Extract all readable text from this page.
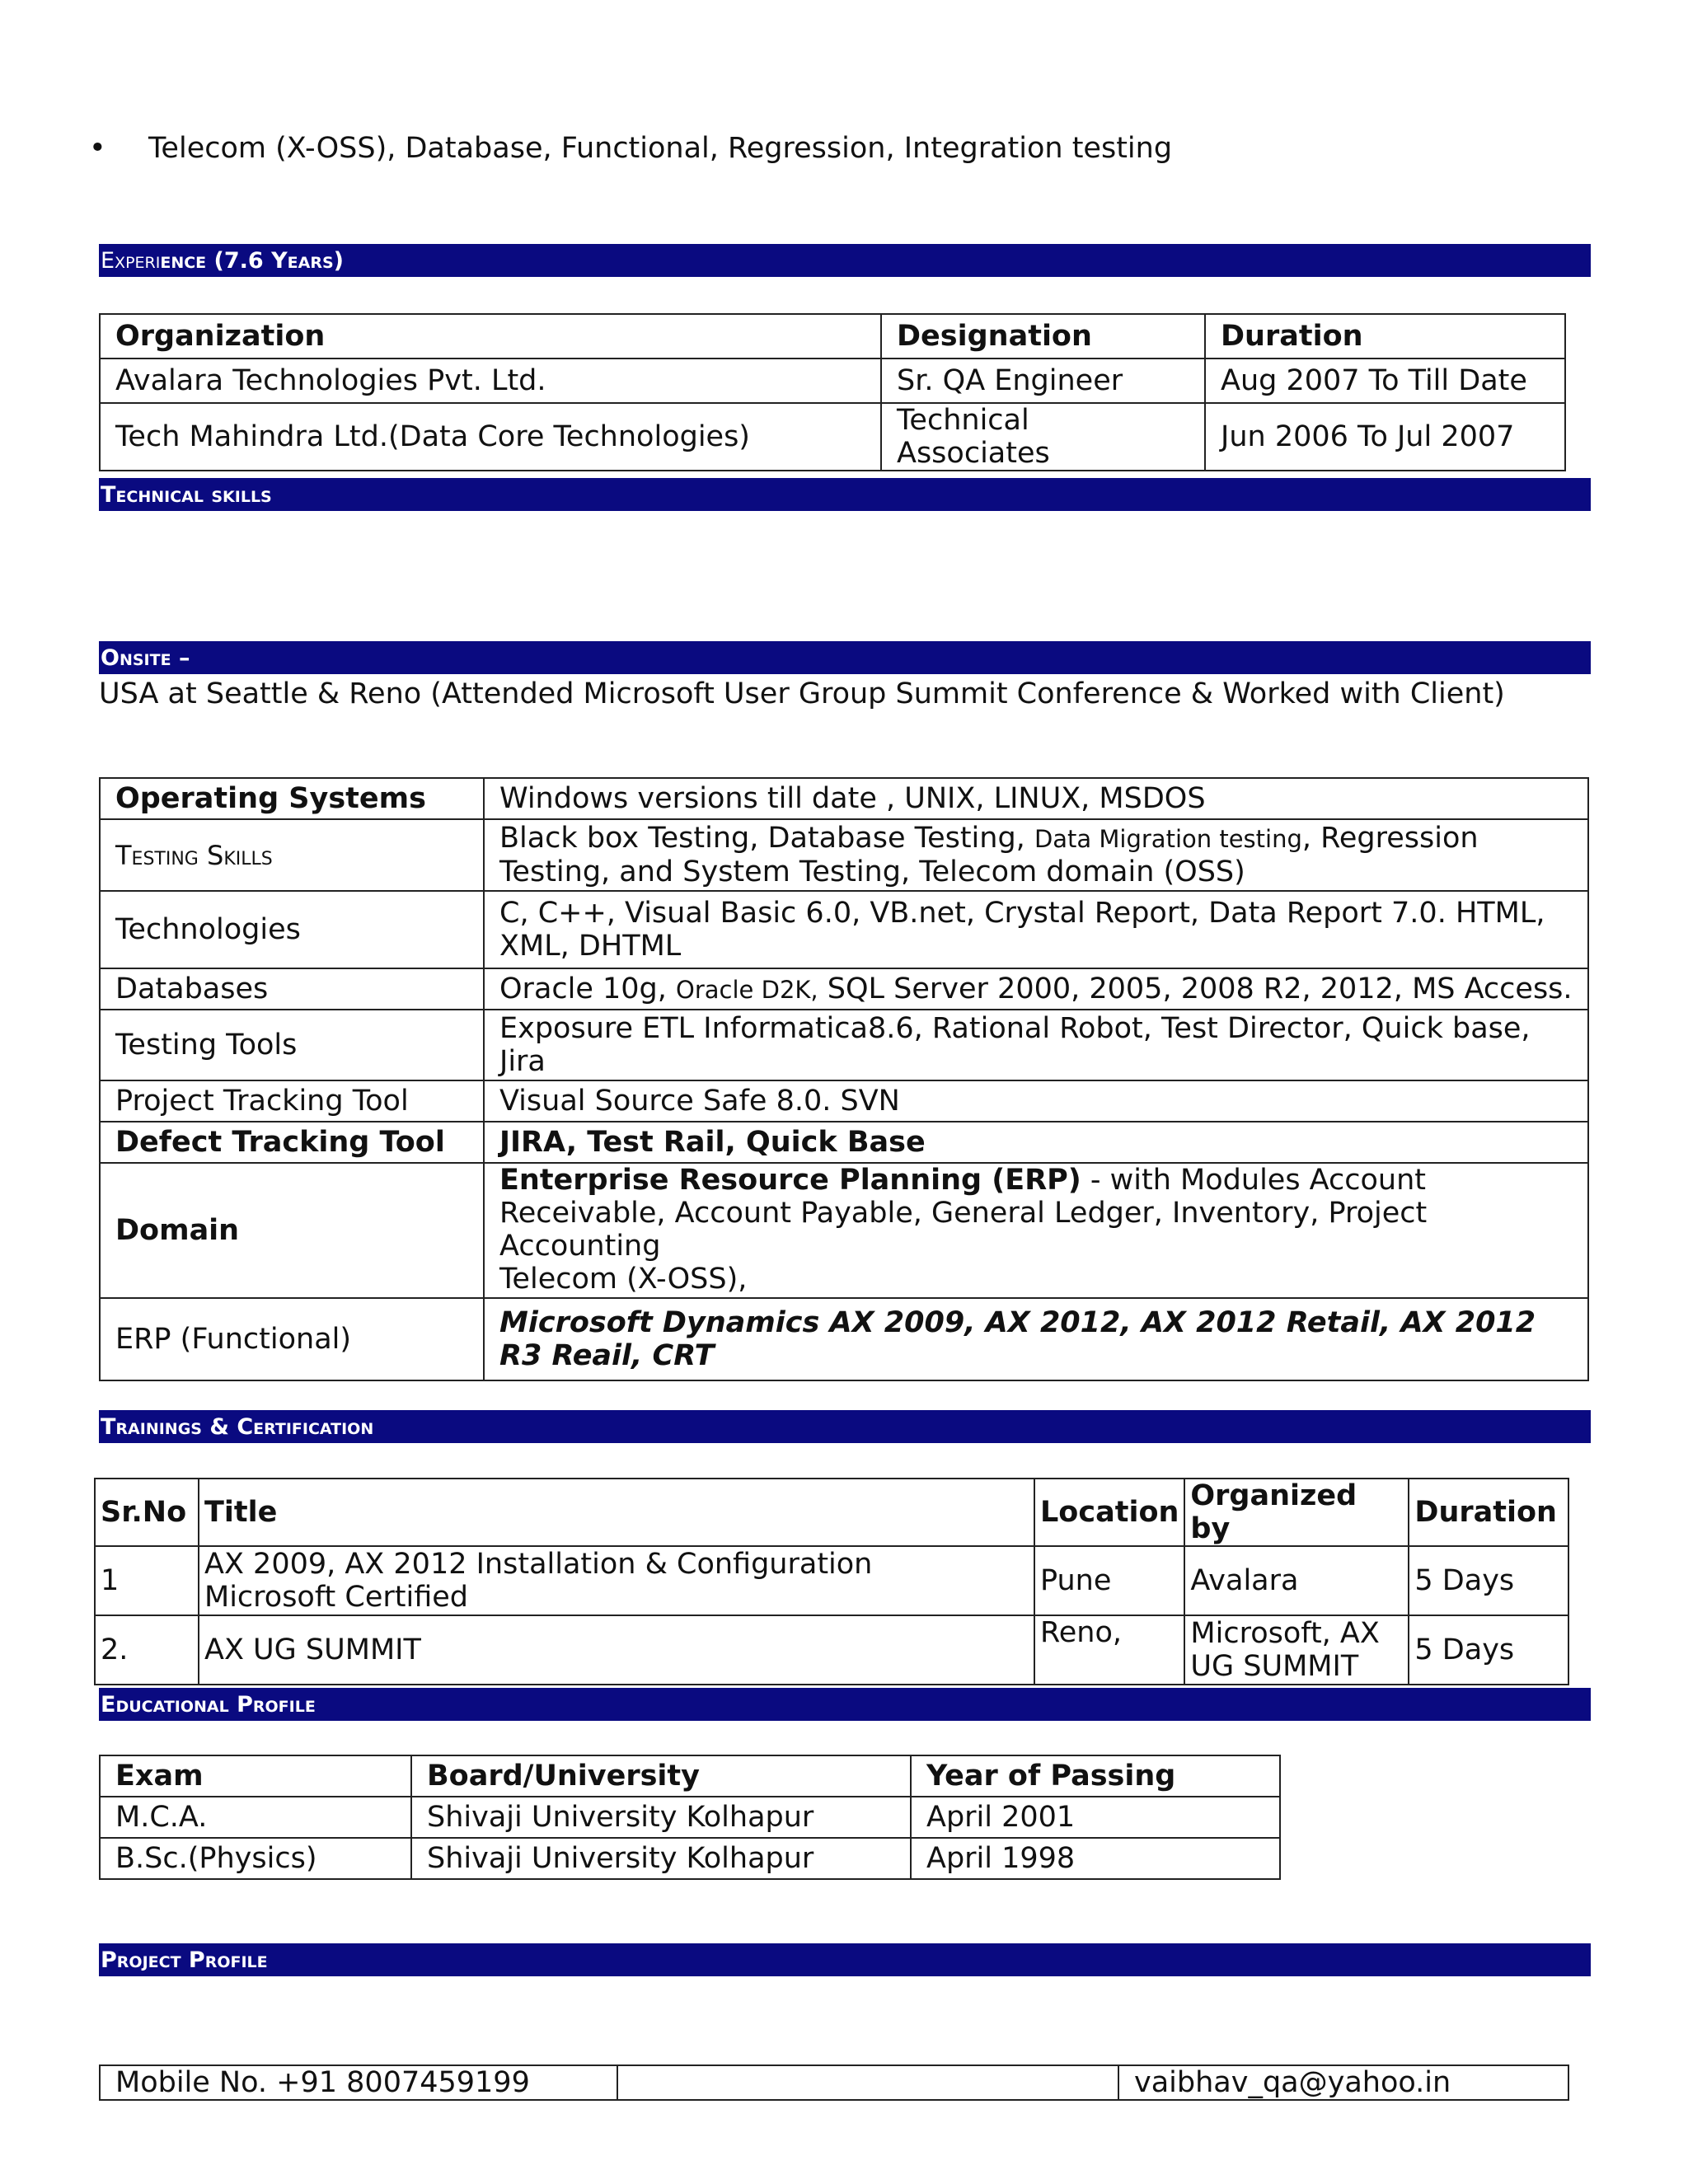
• Telecom (X-OSS), Database, Functional, Regression, Integration testing
Experience (7.6 Years)
Organization	Designation	Duration
Avalara Technologies Pvt. Ltd.	Sr. QA Engineer	Aug 2007 To Till Date
Tech Mahindra Ltd.(Data Core Technologies)	Technical Associates	Jun 2006 To Jul 2007
Technical skills
Onsite –
USA at Seattle & Reno (Attended Microsoft User Group Summit Conference & Worked with Client)
Operating Systems	Windows versions till date , UNIX, LINUX, MSDOS
Testing Skills	Black box Testing, Database Testing, Data Migration testing, Regression Testing, and System Testing, Telecom domain (OSS)
Technologies	C, C++, Visual Basic 6.0, VB.net, Crystal Report, Data Report 7.0. HTML, XML, DHTML
Databases	Oracle 10g, Oracle D2K, SQL Server 2000, 2005, 2008 R2, 2012, MS Access.
Testing Tools	Exposure ETL Informatica8.6, Rational Robot, Test Director, Quick base, Jira
Project Tracking Tool	Visual Source Safe 8.0. SVN
Defect Tracking Tool	JIRA, Test Rail, Quick Base
Domain	Enterprise Resource Planning (ERP) - with Modules Account Receivable, Account Payable, General Ledger, Inventory, Project Accounting
Telecom (X-OSS),
ERP (Functional)	Microsoft Dynamics AX 2009, AX 2012, AX 2012 Retail, AX 2012 R3 Reail, CRT
Trainings & Certification
Sr.No	Title	Location	Organized by	Duration
1	AX 2009, AX 2012 Installation & Configuration Microsoft Certified	Pune	Avalara	5 Days
2.	AX UG SUMMIT	Reno,	Microsoft, AX UG SUMMIT	5 Days
Educational Profile
Exam	Board/University	Year of Passing
M.C.A.	Shivaji University Kolhapur	April 2001
B.Sc.(Physics)	Shivaji University Kolhapur	April 1998
Project Profile
Mobile No. +91 8007459199		vaibhav_qa@yahoo.in
